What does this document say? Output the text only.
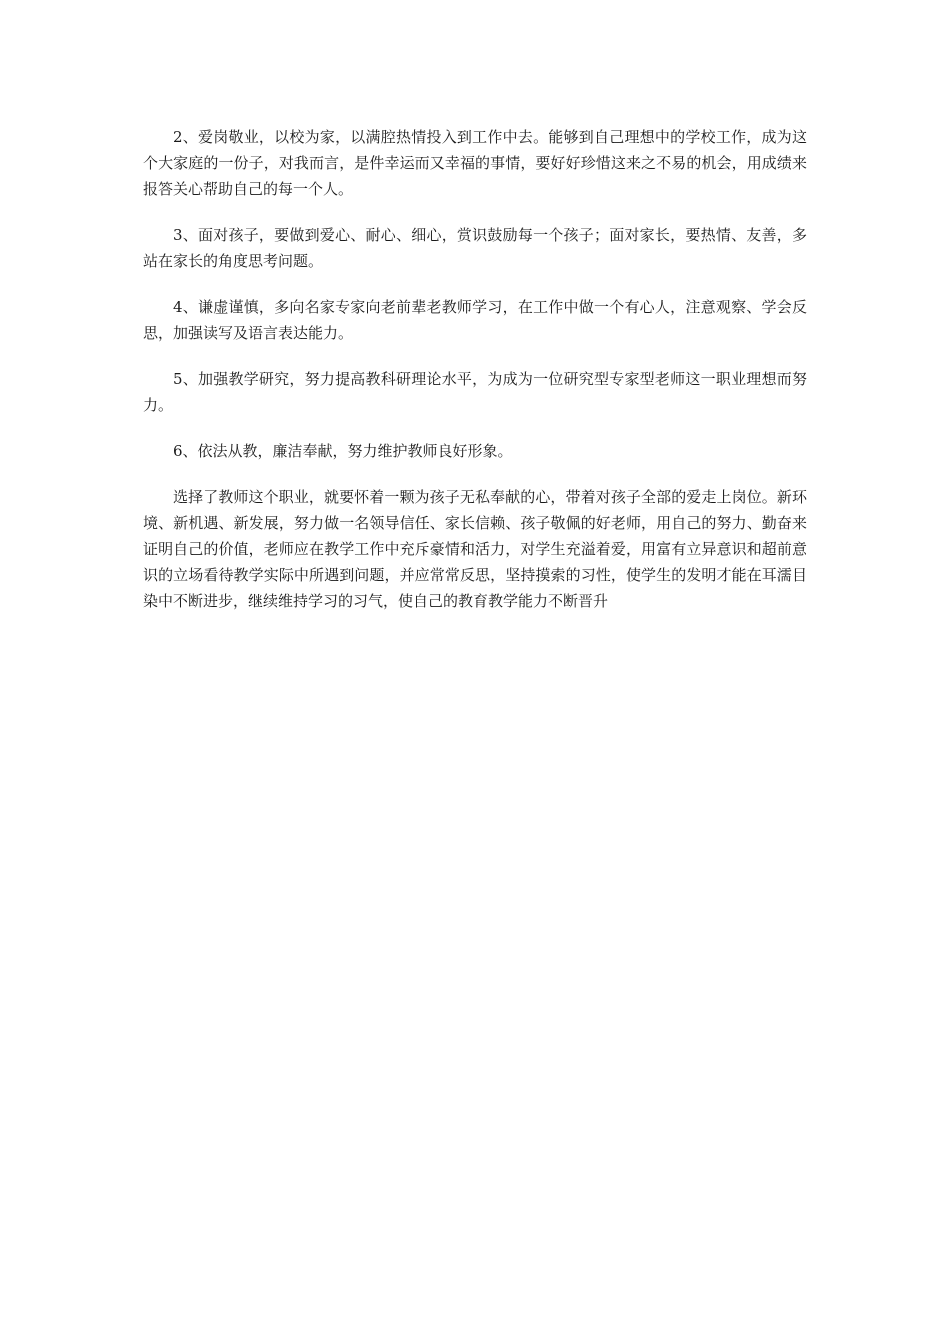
2、爱岗敬业，以校为家，以满腔热情投入到工作中去。能够到自己理想中的学校工作，成为这个大家庭的一份子，对我而言，是件幸运而又幸福的事情，要好好珍惜这来之不易的机会，用成绩来报答关心帮助自己的每一个人。

3、面对孩子，要做到爱心、耐心、细心，赏识鼓励每一个孩子；面对家长，要热情、友善，多站在家长的角度思考问题。

4、谦虚谨慎，多向名家专家向老前辈老教师学习，在工作中做一个有心人，注意观察、学会反思，加强读写及语言表达能力。

5、加强教学研究，努力提高教科研理论水平，为成为一位研究型专家型老师这一职业理想而努力。

6、依法从教，廉洁奉献，努力维护教师良好形象。

选择了教师这个职业，就要怀着一颗为孩子无私奉献的心，带着对孩子全部的爱走上岗位。新环境、新机遇、新发展，努力做一名领导信任、家长信赖、孩子敬佩的好老师，用自己的努力、勤奋来证明自己的价值，老师应在教学工作中充斥豪情和活力，对学生充溢着爱，用富有立异意识和超前意识的立场看待教学实际中所遇到问题，并应常常反思，坚持摸索的习性，使学生的发明才能在耳濡目染中不断进步，继续维持学习的习气，使自己的教育教学能力不断晋升
